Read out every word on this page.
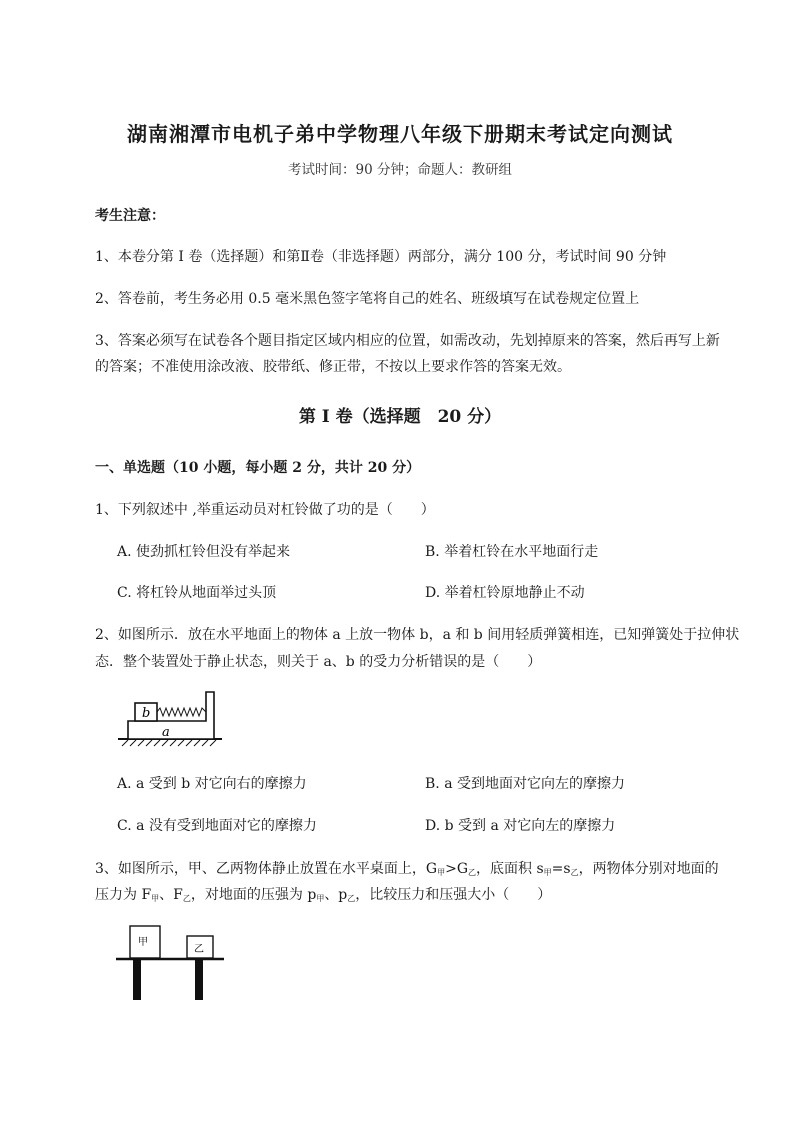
湖南湘潭市电机子弟中学物理八年级下册期末考试定向测试
考试时间：90 分钟；命题人：教研组
考生注意：
1、本卷分第 I 卷（选择题）和第Ⅱ卷（非选择题）两部分，满分 100 分，考试时间 90 分钟
2、答卷前，考生务必用 0.5 毫米黑色签字笔将自己的姓名、班级填写在试卷规定位置上
3、答案必须写在试卷各个题目指定区域内相应的位置，如需改动，先划掉原来的答案，然后再写上新
的答案；不准使用涂改液、胶带纸、修正带，不按以上要求作答的答案无效。
第 I 卷（选择题　20 分）
一、单选题（10 小题，每小题 2 分，共计 20 分）
1、下列叙述中 ,举重运动员对杠铃做了功的是（　　）
A. 使劲抓杠铃但没有举起来	B. 举着杠铃在水平地面行走
C. 将杠铃从地面举过头顶	D. 举着杠铃原地静止不动
2、如图所示．放在水平地面上的物体 a 上放一物体 b，a 和 b 间用轻质弹簧相连，已知弹簧处于拉伸状
态．整个装置处于静止状态，则关于 a、b 的受力分析错误的是（　　）
b
a
A. a 受到 b 对它向右的摩擦力	B. a 受到地面对它向左的摩擦力
C. a 没有受到地面对它的摩擦力	D. b 受到 a 对它向左的摩擦力
3、如图所示，甲、乙两物体静止放置在水平桌面上，$G_甲>G_乙$，底面积 $s_甲=s_乙$，两物体分别对地面的
压力为 $F_甲$、$F_乙$，对地面的压强为 $p_甲$、$p_乙$，比较压力和压强大小（　　）
甲
乙
